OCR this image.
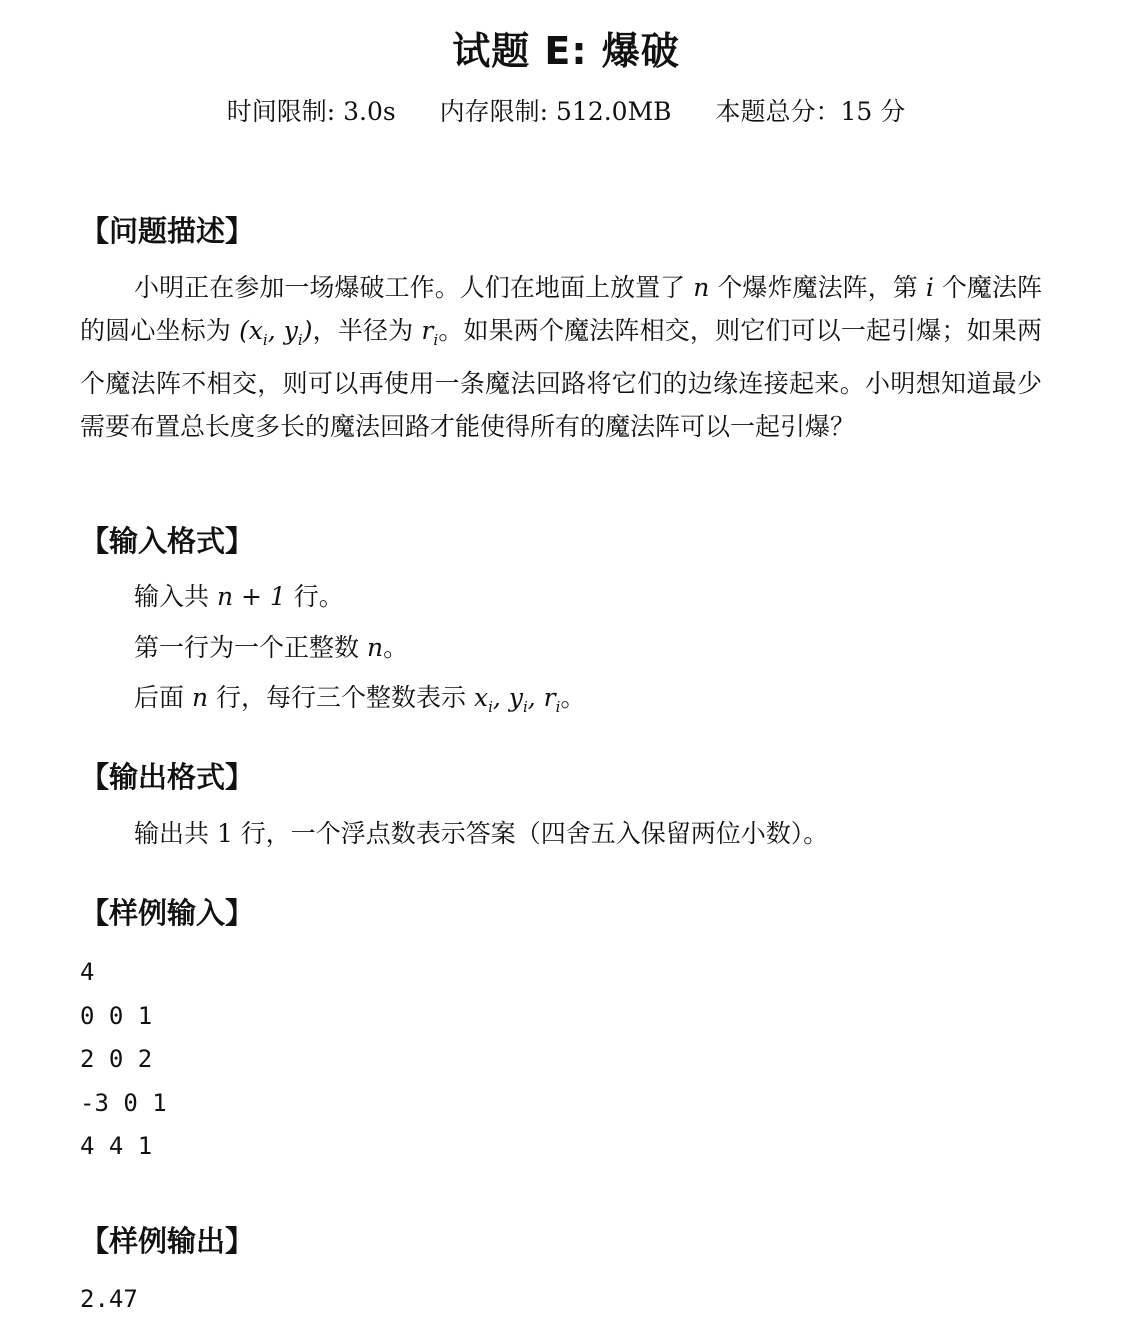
试题 E: 爆破
时间限制: 3.0s 内存限制: 512.0MB 本题总分：15 分
【问题描述】
小明正在参加一场爆破工作。人们在地面上放置了 n 个爆炸魔法阵，第 i 个魔法阵的圆心坐标为 ($x_i$, $y_i$)，半径为 $r_i$。如果两个魔法阵相交，则它们可以一起引爆；如果两个魔法阵不相交，则可以再使用一条魔法回路将它们的边缘连接起来。小明想知道最少需要布置总长度多长的魔法回路才能使得所有的魔法阵可以一起引爆？
【输入格式】
输入共 n + 1 行。
第一行为一个正整数 n。
后面 n 行，每行三个整数表示 $x_i$, $y_i$, $r_i$。
【输出格式】
输出共 1 行，一个浮点数表示答案（四舍五入保留两位小数）。
【样例输入】
4
0 0 1
2 0 2
-3 0 1
4 4 1
【样例输出】
2.47
